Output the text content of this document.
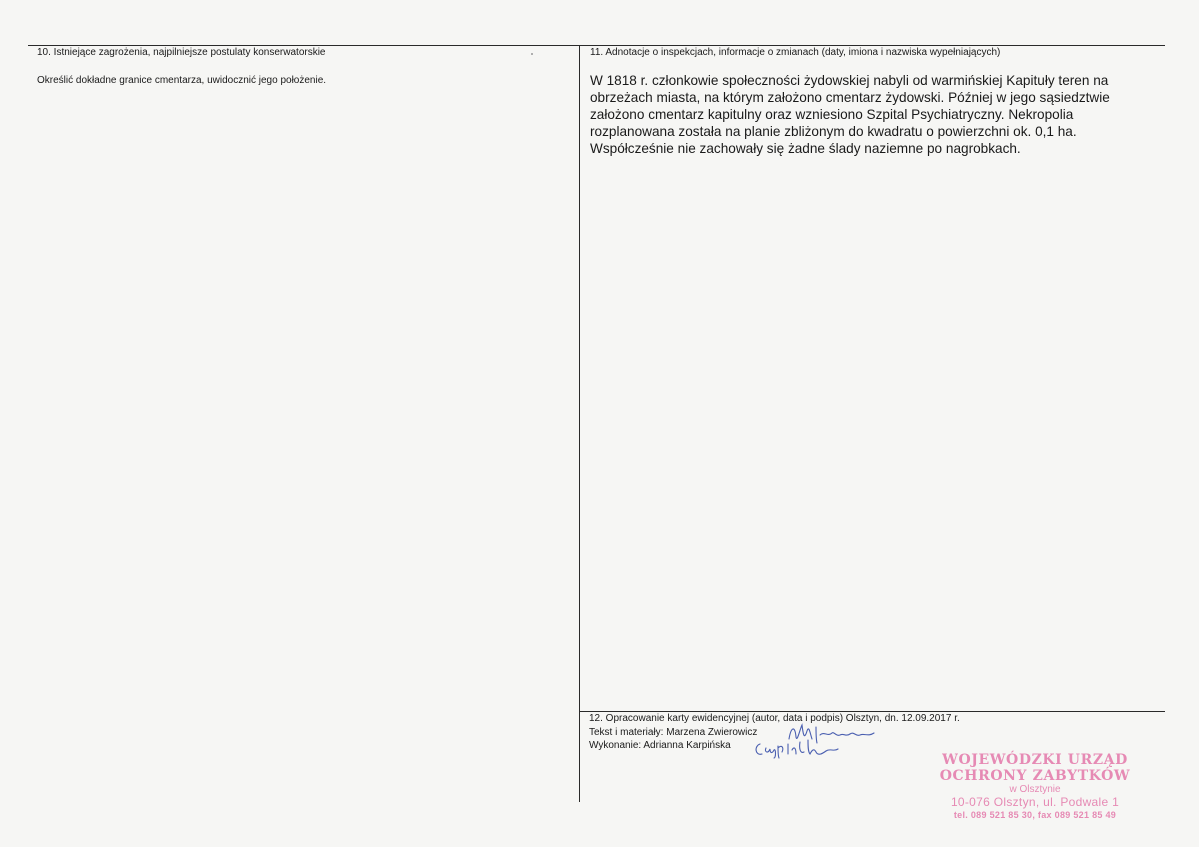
10. Istniejące zagrożenia, najpilniejsze postulaty konserwatorskie
Określić dokładne granice cmentarza, uwidocznić jego położenie.
11. Adnotacje o inspekcjach, informacje o zmianach (daty, imiona i nazwiska wypełniających)
W 1818 r. członkowie społeczności żydowskiej nabyli od warmińskiej Kapituły teren na
obrzeżach miasta, na którym założono cmentarz żydowski. Później w jego sąsiedztwie
założono cmentarz kapitulny oraz wzniesiono Szpital Psychiatryczny. Nekropolia
rozplanowana została na planie zbliżonym do kwadratu o powierzchni ok. 0,1 ha.
Współcześnie nie zachowały się żadne ślady naziemne po nagrobkach.
12. Opracowanie karty ewidencyjnej (autor, data i podpis) Olsztyn, dn. 12.09.2017 r.
Tekst i materiały: Marzena Zwierowicz
Wykonanie: Adrianna Karpińska
WOJEWÓDZKI URZĄD
OCHRONY ZABYTKÓW
w Olsztynie
10-076 Olsztyn, ul. Podwale 1
tel. 089 521 85 30, fax 089 521 85 49
